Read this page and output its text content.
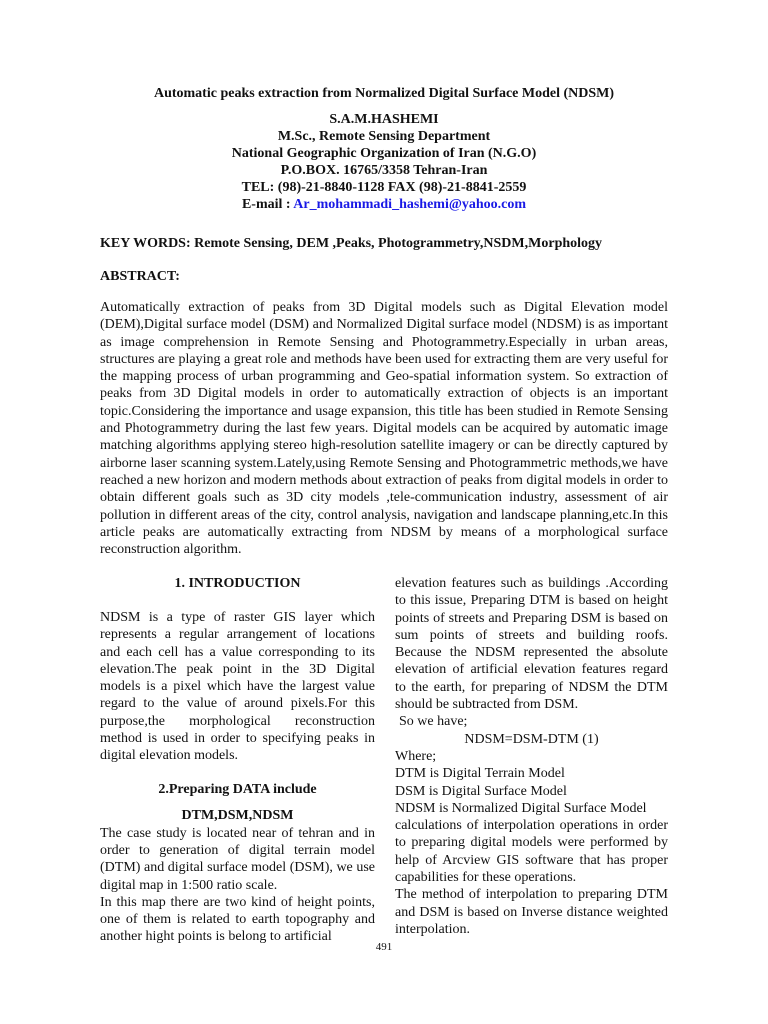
Automatic peaks extraction from Normalized Digital Surface Model (NDSM)

S.A.M.HASHEMI

M.Sc., Remote Sensing Department

National Geographic Organization of Iran (N.G.O)

P.O.BOX. 16765/3358 Tehran-Iran

TEL: (98)-21-8840-1128 FAX (98)-21-8841-2559

E-mail : Ar_mohammadi_hashemi@yahoo.com

KEY WORDS: Remote Sensing, DEM ,Peaks, Photogrammetry,NSDM,Morphology
ABSTRACT:

Automatically extraction of peaks from 3D Digital models such as Digital Elevation model (DEM),Digital surface model (DSM) and Normalized Digital surface model (NDSM) is as important as image comprehension in Remote Sensing and Photogrammetry.Especially in urban areas, structures are playing a great role and methods have been used for extracting them are very useful for the mapping process of urban programming and Geo-spatial information system. So extraction of peaks from 3D Digital models in order to automatically extraction of objects is an important topic.Considering the importance and usage expansion, this title has been studied in Remote Sensing and Photogrammetry during the last few years. Digital models can be acquired by automatic image matching algorithms applying stereo high-resolution satellite imagery or can be directly captured by airborne laser scanning system.Lately,using Remote Sensing and Photogrammetric methods,we have reached a new horizon and modern methods about extraction of peaks from digital models in order to obtain different goals such as 3D city models ,tele-communication industry, assessment of air pollution in different areas of the city, control analysis, navigation and landscape planning,etc.In this article peaks are automatically extracting from NDSM by means of a morphological surface reconstruction algorithm.

1. INTRODUCTION

NDSM is a type of raster GIS layer which represents a regular arrangement of locations and each cell has a value corresponding to its elevation.The peak point in the 3D Digital models is a pixel which have the largest value regard to the value of around pixels.For this purpose,the morphological reconstruction method is used in order to specifying peaks in digital elevation models.

2.Preparing DATA include

DTM,DSM,NDSM

The case study is located near of tehran and in order to generation of digital terrain model (DTM) and digital surface model (DSM), we use digital map in 1:500 ratio scale.

In this map there are two kind of height points, one of them is related to earth topography and another hight points is belong to artificial

elevation features such as buildings .According to this issue, Preparing DTM is based on height points of streets and Preparing DSM is based on sum points of streets and building roofs. Because the NDSM represented the absolute elevation of artificial elevation features regard to the earth, for preparing of NDSM the DTM should be subtracted from DSM.

So we have;

NDSM=DSM-DTM (1)

Where;

DTM is Digital Terrain Model

DSM is Digital Surface Model

NDSM is Normalized Digital Surface Model

calculations of interpolation operations in order to preparing digital models were performed by help of Arcview GIS software that has proper capabilities for these operations.

The method of interpolation to preparing DTM and DSM is based on Inverse distance weighted interpolation.

491
